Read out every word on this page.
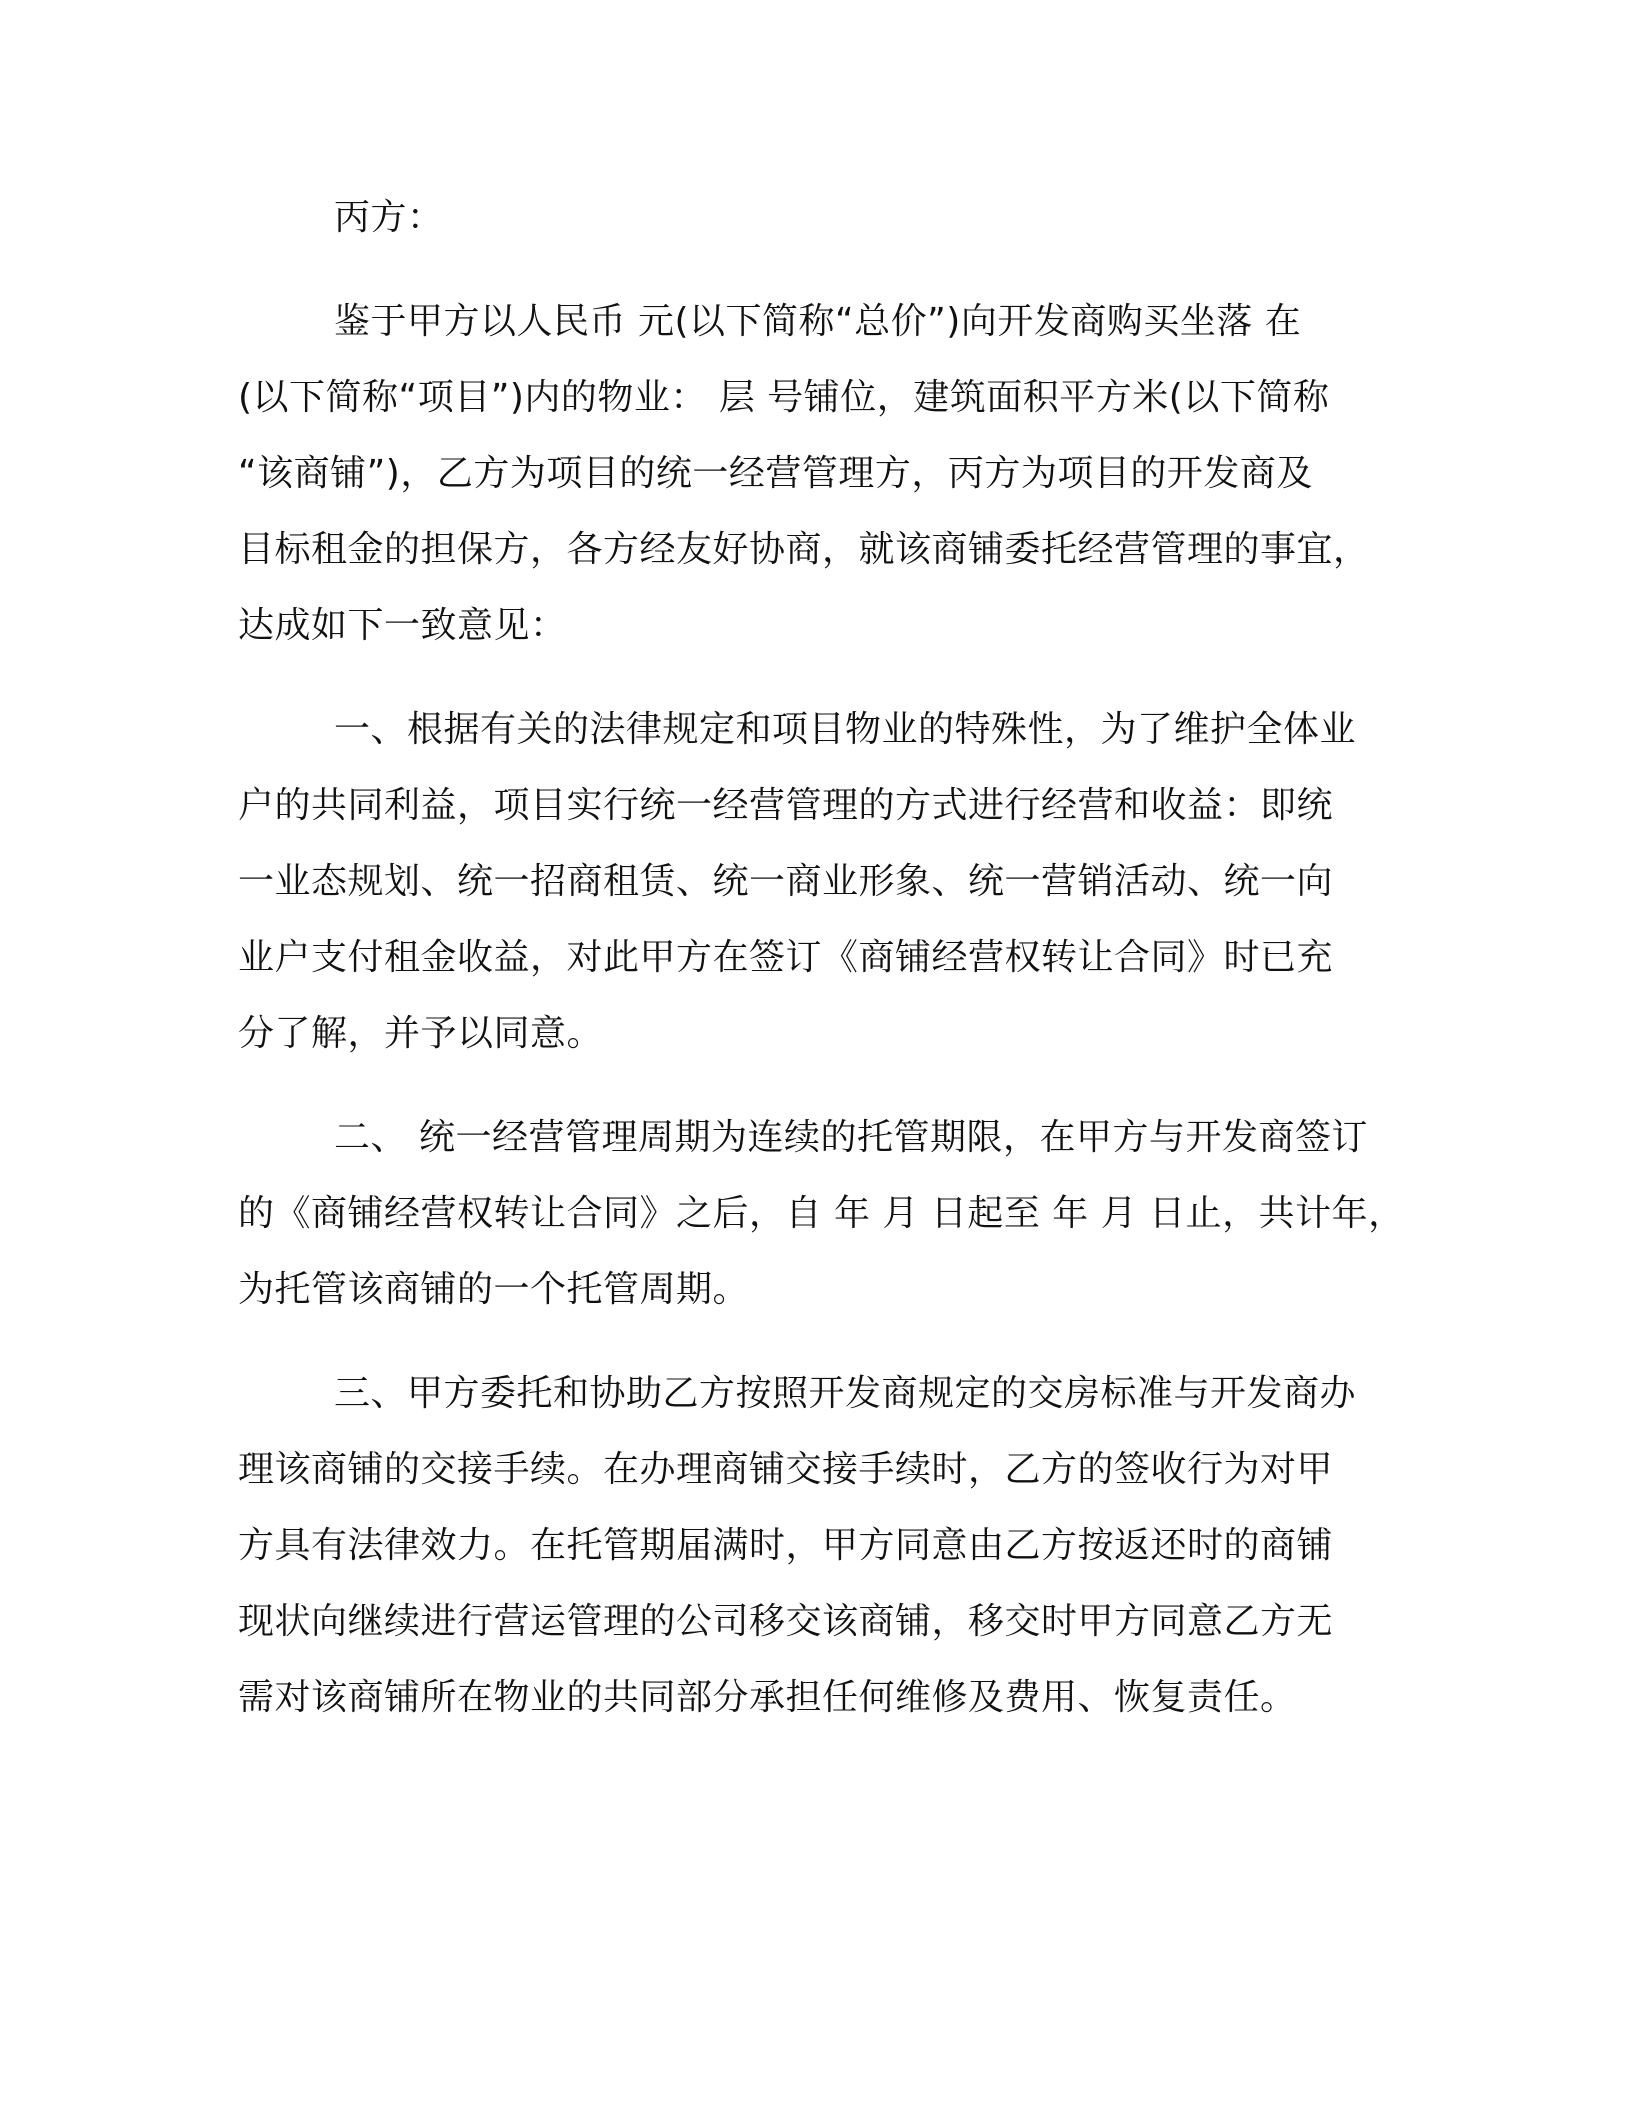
丙方：
鉴于甲方以人民币 元(以下简称“总价”)向开发商购买坐落 在
(以下简称“项目”)内的物业： 层 号铺位，建筑面积平方米(以下简称
“该商铺”)，乙方为项目的统一经营管理方，丙方为项目的开发商及
目标租金的担保方，各方经友好协商，就该商铺委托经营管理的事宜，
达成如下一致意见：
一、根据有关的法律规定和项目物业的特殊性，为了维护全体业
户的共同利益，项目实行统一经营管理的方式进行经营和收益：即统
一业态规划、统一招商租赁、统一商业形象、统一营销活动、统一向
业户支付租金收益，对此甲方在签订《商铺经营权转让合同》时已充
分了解，并予以同意。
二、 统一经营管理周期为连续的托管期限，在甲方与开发商签订
的《商铺经营权转让合同》之后，自 年 月 日起至 年 月 日止，共计年，
为托管该商铺的一个托管周期。
三、甲方委托和协助乙方按照开发商规定的交房标准与开发商办
理该商铺的交接手续。在办理商铺交接手续时，乙方的签收行为对甲
方具有法律效力。在托管期届满时，甲方同意由乙方按返还时的商铺
现状向继续进行营运管理的公司移交该商铺，移交时甲方同意乙方无
需对该商铺所在物业的共同部分承担任何维修及费用、恢复责任。
